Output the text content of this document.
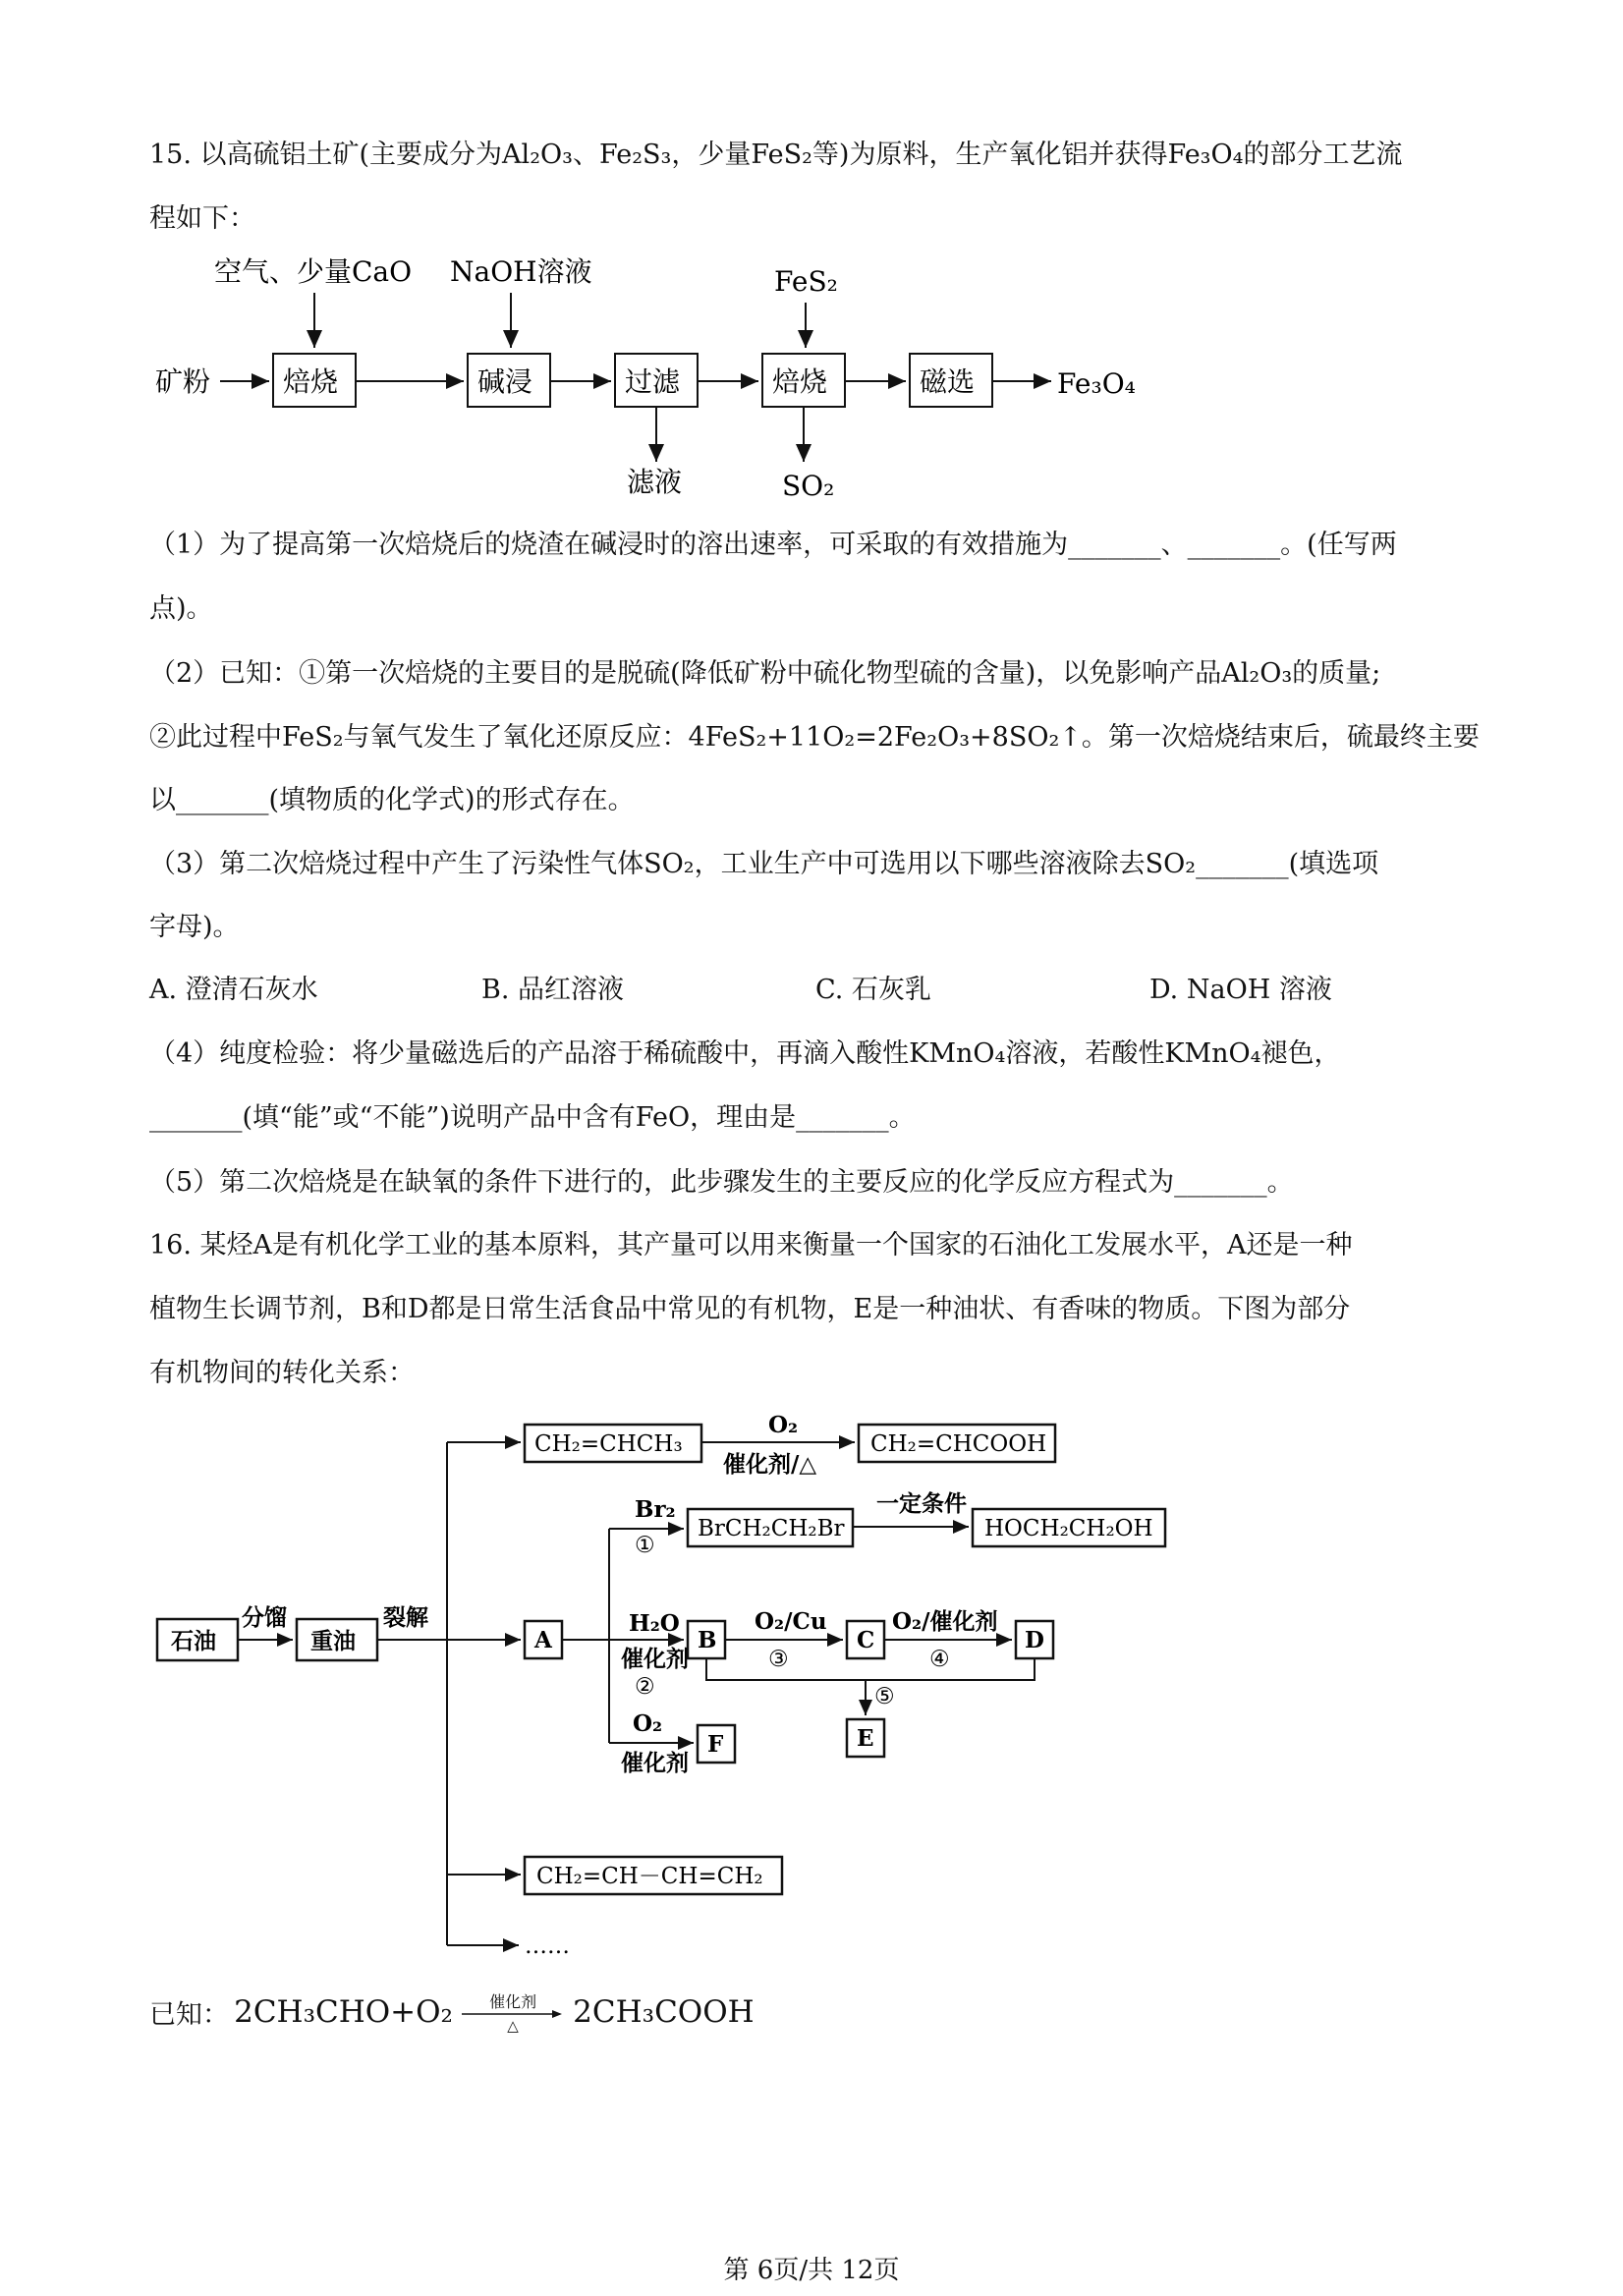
15. 以高硫铝土矿(主要成分为Al₂O₃、Fe₂S₃，少量FeS₂等)为原料，生产氧化铝并获得Fe₃O₄的部分工艺流
程如下：
空气、少量CaO NaOH溶液	FeS₂
矿粉	焙烧	碱浸	过滤	焙烧	磁选	Fe₃O₄
滤液	SO₂
（1）为了提高第一次焙烧后的烧渣在碱浸时的溶出速率，可采取的有效措施为_______、_______。(任写两
点)。
（2）已知：①第一次焙烧的主要目的是脱硫(降低矿粉中硫化物型硫的含量)，以免影响产品Al₂O₃的质量;
②此过程中FeS₂与氧气发生了氧化还原反应：4FeS₂+11O₂=2Fe₂O₃+8SO₂↑。第一次焙烧结束后，硫最终主要
以_______(填物质的化学式)的形式存在。
（3）第二次焙烧过程中产生了污染性气体SO₂，工业生产中可选用以下哪些溶液除去SO₂_______(填选项
字母)。
A. 澄清石灰水	B. 品红溶液	C. 石灰乳	D. NaOH 溶液
（4）纯度检验：将少量磁选后的产品溶于稀硫酸中，再滴入酸性KMnO₄溶液，若酸性KMnO₄褪色，
_______(填“能”或“不能”)说明产品中含有FeO，理由是_______。
（5）第二次焙烧是在缺氧的条件下进行的，此步骤发生的主要反应的化学反应方程式为_______。
16. 某烃A是有机化学工业的基本原料，其产量可以用来衡量一个国家的石油化工发展水平，A还是一种
植物生长调节剂，B和D都是日常生活食品中常见的有机物，E是一种油状、有香味的物质。下图为部分
有机物间的转化关系：
石油
分馏
重油
裂解
CH₂=CHCH₃
O₂
催化剂/△
CH₂=CHCOOH
A
Br₂
①
BrCH₂CH₂Br
一定条件
HOCH₂CH₂OH
H₂O
催化剂
②
B
O₂/Cu
③
C
O₂/催化剂
④
D
⑤
E
O₂
催化剂
F
CH₂=CH－CH=CH₂
……
已知： 2CH₃CHO+O₂	催化剂
△	2CH₃COOH
第 6页/共 12页
